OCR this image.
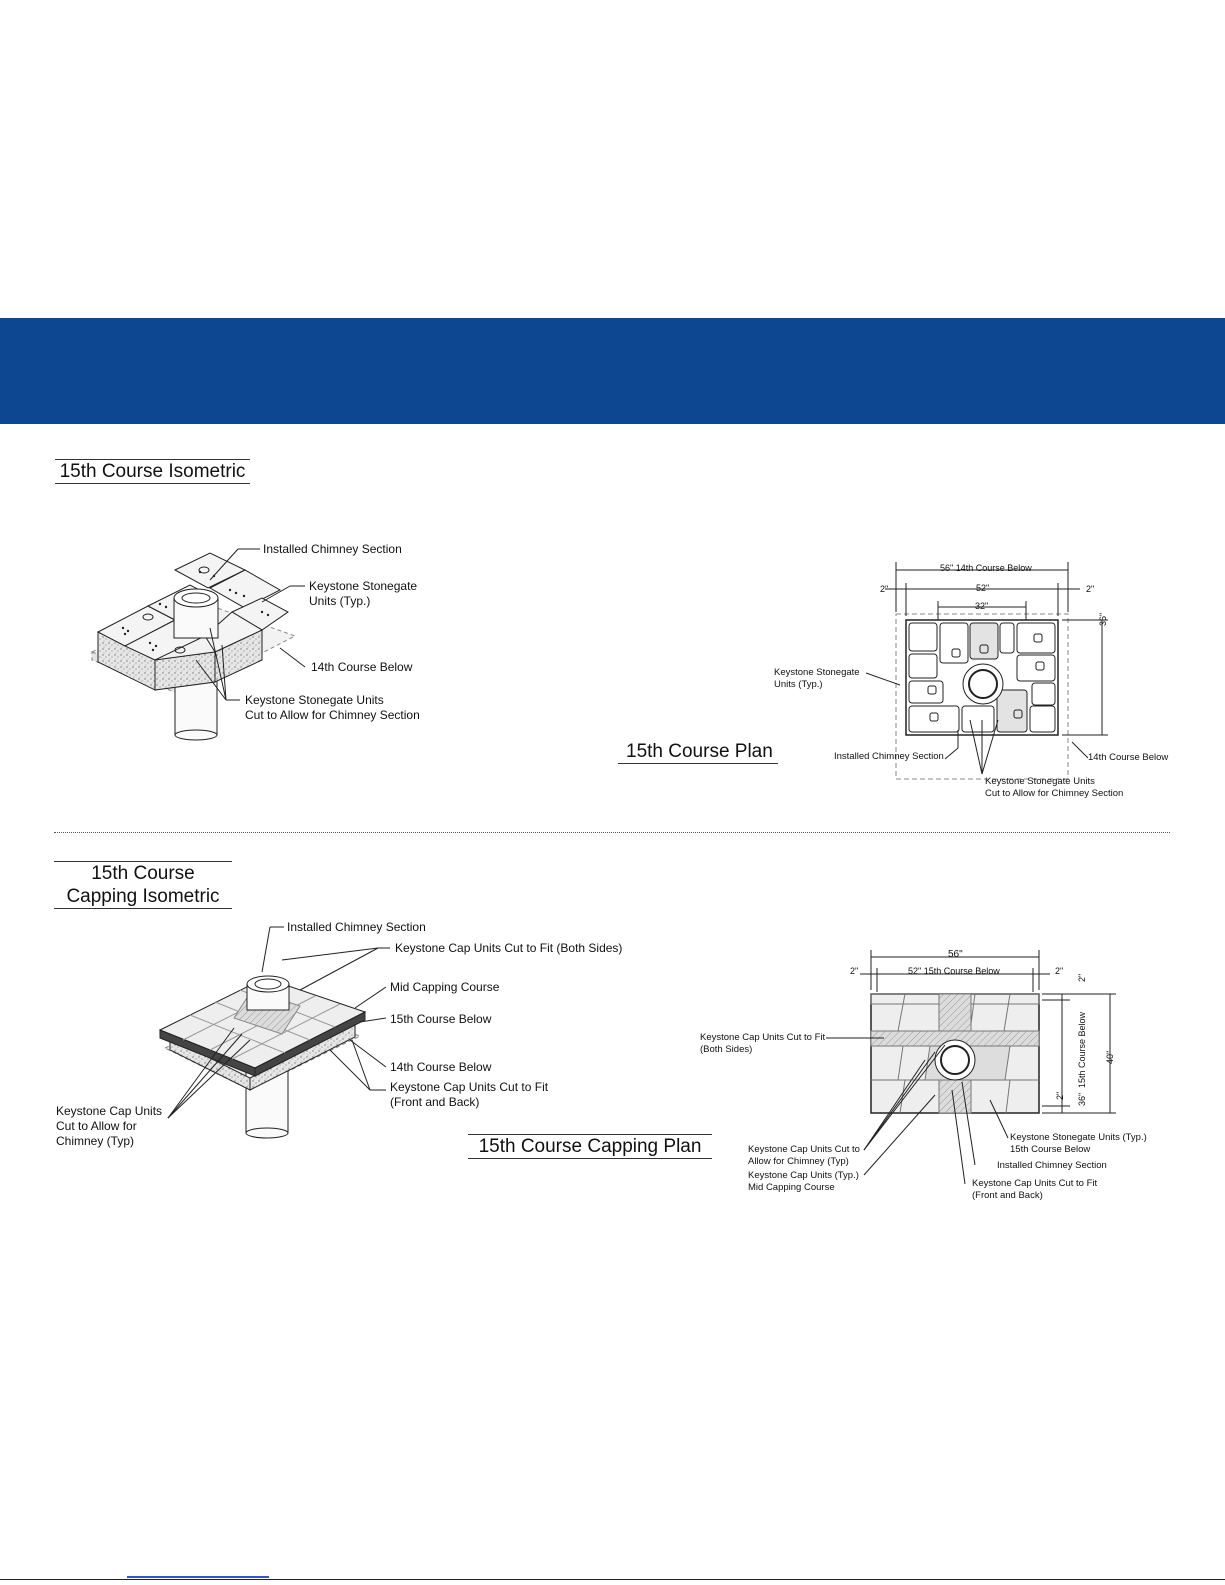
15th Course Isometric
Installed Chimney Section
Keystone Stonegate
Units (Typ.)
14th Course Below
Keystone Stonegate Units
Cut to Allow for Chimney Section
15th Course Plan
56" 14th Course Below
2"	52"	2"
32"
36"
Keystone Stonegate
Units (Typ.)
Installed Chimney Section	14th Course Below
Keystone Stonegate Units
Cut to Allow for Chimney Section
15th Course
Capping Isometric
Installed Chimney Section
Keystone Cap Units Cut to Fit (Both Sides)
Mid Capping Course
15th Course Below
14th Course Below
Keystone Cap Units Cut to Fit
(Front and Back)
Keystone Cap Units
Cut to Allow for
Chimney (Typ)	15th Course Capping Plan
56"
2"	52" 15th Course Below	2"
2"
15th Course Below 40"
2" 36"
Keystone Cap Units Cut to Fit
(Both Sides)
Keystone Cap Units Cut to
Allow for Chimney (Typ)
Keystone Cap Units (Typ.)
Mid Capping Course
Keystone Stonegate Units (Typ.)
15th Course Below
Installed Chimney Section
Keystone Cap Units Cut to Fit
(Front and Back)
